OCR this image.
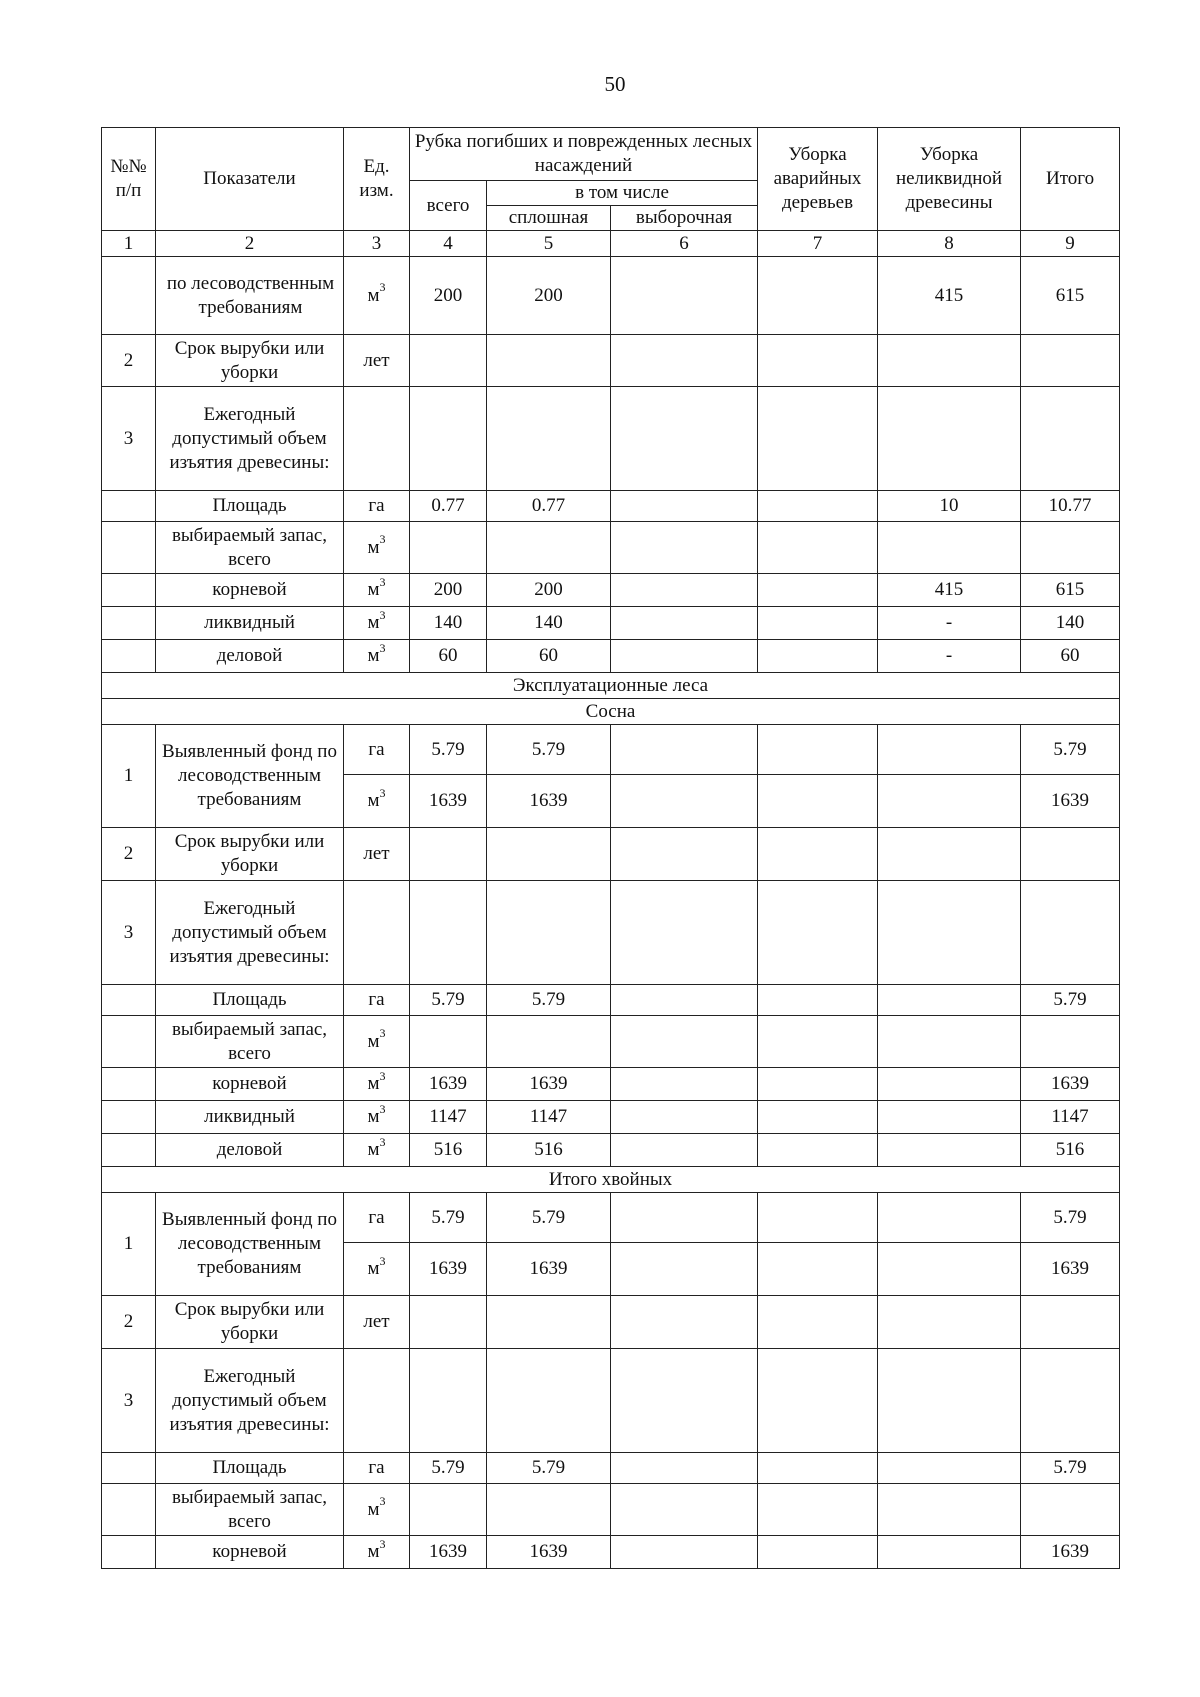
50
№№ п/п	Показатели	Ед. изм.	Рубка погибших и поврежденных лесных насаждений			Уборка аварийных деревьев	Уборка неликвидной древесины	Итого
			всего	в том числе				

				сплошная	выборочная			
1	2	3	4	5	6	7	8	9
	по лесоводственным требованиям	$м^3$	200	200			415	615
2	Срок вырубки или уборки	лет						
3	Ежегодный допустимый объем изъятия древесины:							
	Площадь	га	0.77	0.77			10	10.77
	выбираемый запас, всего	$м^3$						
	корневой	$м^3$	200	200			415	615
	ликвидный	$м^3$	140	140			-	140
	деловой	$м^3$	60	60			-	60
Эксплуатационные леса								
Сосна								
1	Выявленный фонд по лесоводственным требованиям	га	5.79	5.79				5.79
		$м^3$	1639	1639				1639
2	Срок вырубки или уборки	лет						
3	Ежегодный допустимый объем изъятия древесины:							
	Площадь	га	5.79	5.79				5.79
	выбираемый запас, всего	$м^3$						
	корневой	$м^3$	1639	1639				1639
	ликвидный	$м^3$	1147	1147				1147
	деловой	$м^3$	516	516				516
Итого хвойных								
1	Выявленный фонд по лесоводственным требованиям	га	5.79	5.79				5.79
		$м^3$	1639	1639				1639
2	Срок вырубки или уборки	лет						
3	Ежегодный допустимый объем изъятия древесины:							
	Площадь	га	5.79	5.79				5.79
	выбираемый запас, всего	$м^3$						
	корневой	$м^3$	1639	1639				1639
